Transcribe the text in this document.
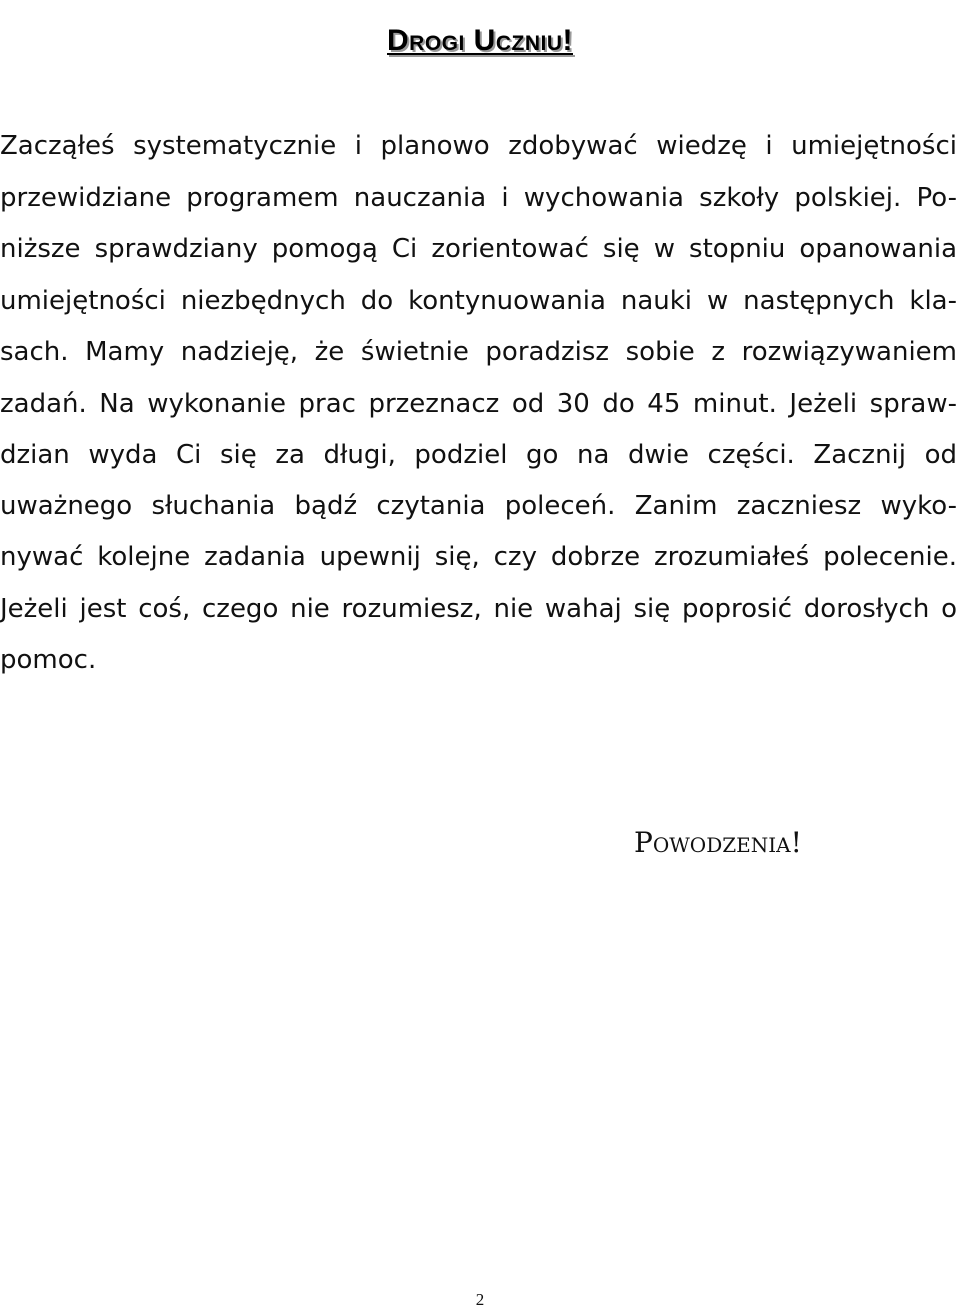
Drogi Uczniu!
Zacząłeś systematycznie i planowo zdobywać wiedzę i umiejętności
przewidziane programem nauczania i wychowania szkoły polskiej. Po-
niższe sprawdziany pomogą Ci zorientować się w stopniu opanowania
umiejętności niezbędnych do kontynuowania nauki w następnych kla-
sach. Mamy nadzieję, że świetnie poradzisz sobie z rozwiązywaniem
zadań. Na wykonanie prac przeznacz od 30 do 45 minut. Jeżeli spraw-
dzian wyda Ci się za długi, podziel go na dwie części. Zacznij od
uważnego słuchania bądź czytania poleceń. Zanim zaczniesz wyko-
nywać kolejne zadania upewnij się, czy dobrze zrozumiałeś polecenie.
Jeżeli jest coś, czego nie rozumiesz, nie wahaj się poprosić dorosłych o
pomoc.
Powodzenia!
2
